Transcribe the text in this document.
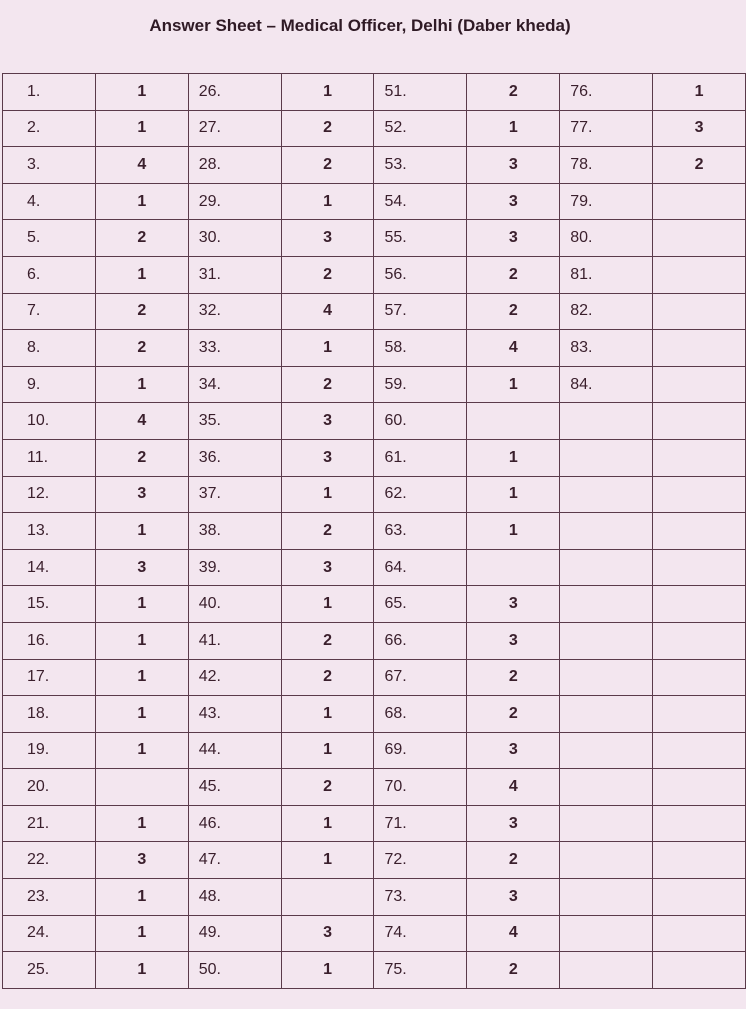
Answer Sheet – Medical Officer, Delhi (Daber kheda)
1.	1	26.	1	51.	2	76.	1
2.	1	27.	2	52.	1	77.	3
3.	4	28.	2	53.	3	78.	2
4.	1	29.	1	54.	3	79.	
5.	2	30.	3	55.	3	80.	
6.	1	31.	2	56.	2	81.	
7.	2	32.	4	57.	2	82.	
8.	2	33.	1	58.	4	83.	
9.	1	34.	2	59.	1	84.	
10.	4	35.	3	60.			
11.	2	36.	3	61.	1		
12.	3	37.	1	62.	1		
13.	1	38.	2	63.	1		
14.	3	39.	3	64.			
15.	1	40.	1	65.	3		
16.	1	41.	2	66.	3		
17.	1	42.	2	67.	2		
18.	1	43.	1	68.	2		
19.	1	44.	1	69.	3		
20.		45.	2	70.	4		
21.	1	46.	1	71.	3		
22.	3	47.	1	72.	2		
23.	1	48.		73.	3		
24.	1	49.	3	74.	4		
25.	1	50.	1	75.	2		
